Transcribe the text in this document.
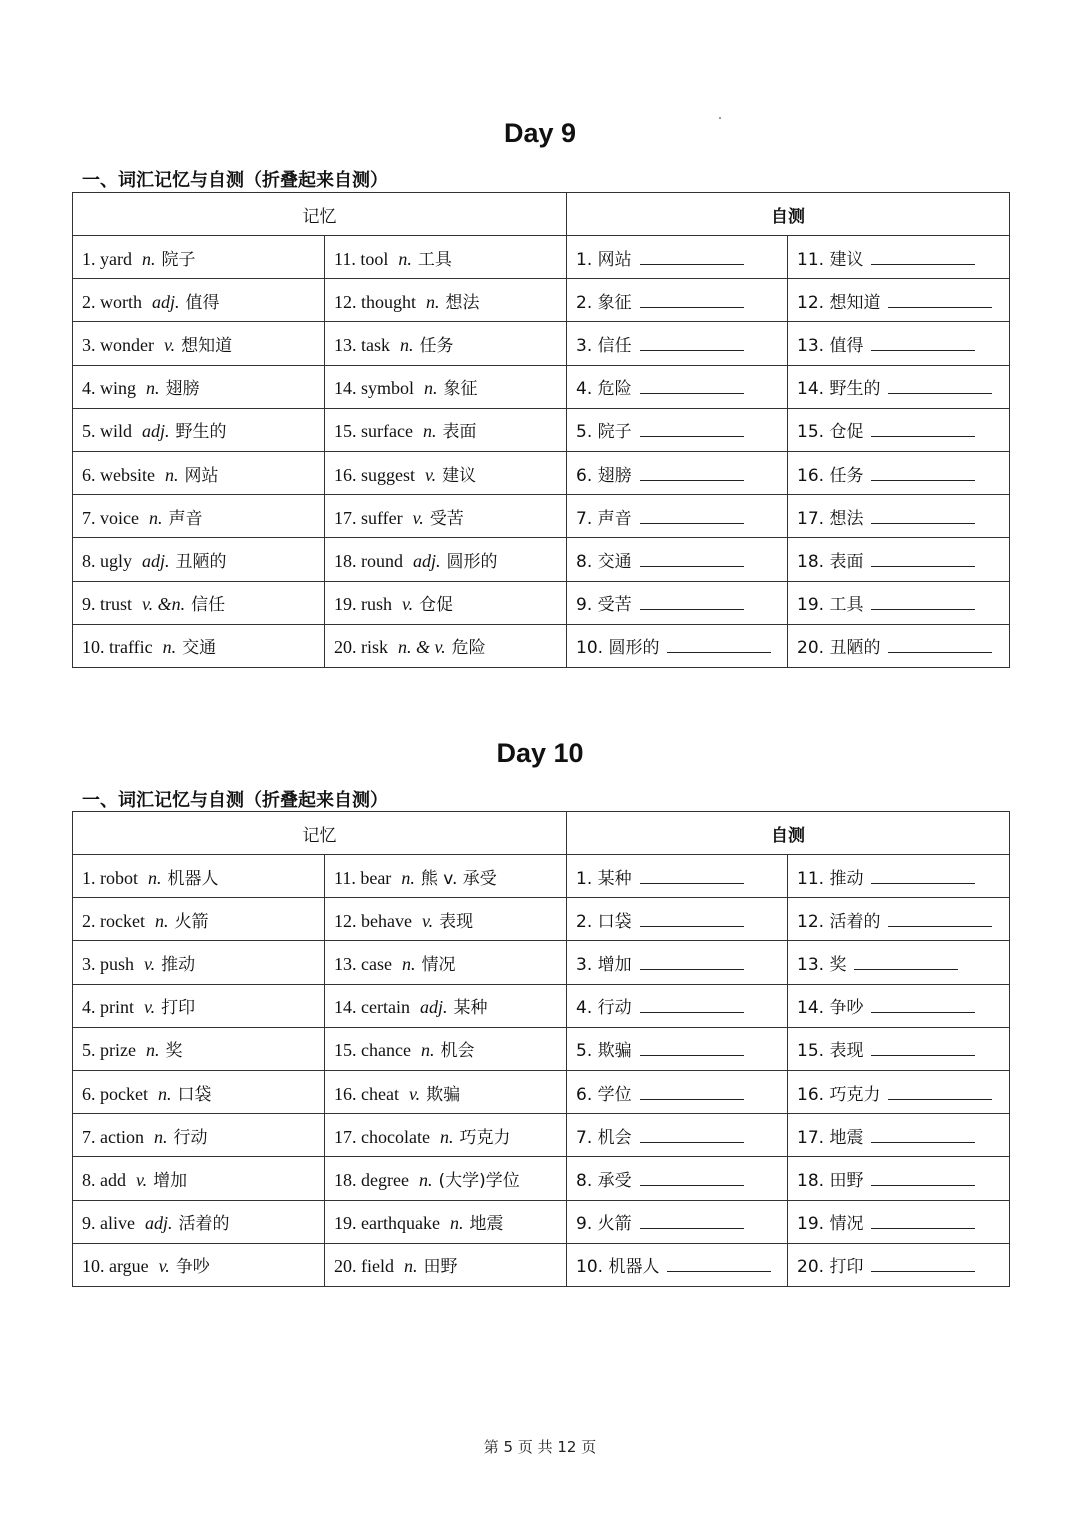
Day 9
一、词汇记忆与自测（折叠起来自测）
记忆		自测	
1. yard n. 院子	11. tool n. 工具	1. 网站	11. 建议
2. worth adj. 值得	12. thought n. 想法	2. 象征	12. 想知道
3. wonder v. 想知道	13. task n. 任务	3. 信任	13. 值得
4. wing n. 翅膀	14. symbol n. 象征	4. 危险	14. 野生的
5. wild adj. 野生的	15. surface n. 表面	5. 院子	15. 仓促
6. website n. 网站	16. suggest v. 建议	6. 翅膀	16. 任务
7. voice n. 声音	17. suffer v. 受苦	7. 声音	17. 想法
8. ugly adj. 丑陋的	18. round adj. 圆形的	8. 交通	18. 表面
9. trust v. &n. 信任	19. rush v. 仓促	9. 受苦	19. 工具
10. traffic n. 交通	20. risk n. & v. 危险	10. 圆形的	20. 丑陋的
Day 10
一、词汇记忆与自测（折叠起来自测）
记忆		自测	
1. robot n. 机器人	11. bear n. 熊 v. 承受	1. 某种	11. 推动
2. rocket n. 火箭	12. behave v. 表现	2. 口袋	12. 活着的
3. push v. 推动	13. case n. 情况	3. 增加	13. 奖
4. print v. 打印	14. certain adj. 某种	4. 行动	14. 争吵
5. prize n. 奖	15. chance n. 机会	5. 欺骗	15. 表现
6. pocket n. 口袋	16. cheat v. 欺骗	6. 学位	16. 巧克力
7. action n. 行动	17. chocolate n. 巧克力	7. 机会	17. 地震
8. add v. 增加	18. degree n. (大学)学位	8. 承受	18. 田野
9. alive adj. 活着的	19. earthquake n. 地震	9. 火箭	19. 情况
10. argue v. 争吵	20. field n. 田野	10. 机器人	20. 打印
第 5 页 共 12 页
